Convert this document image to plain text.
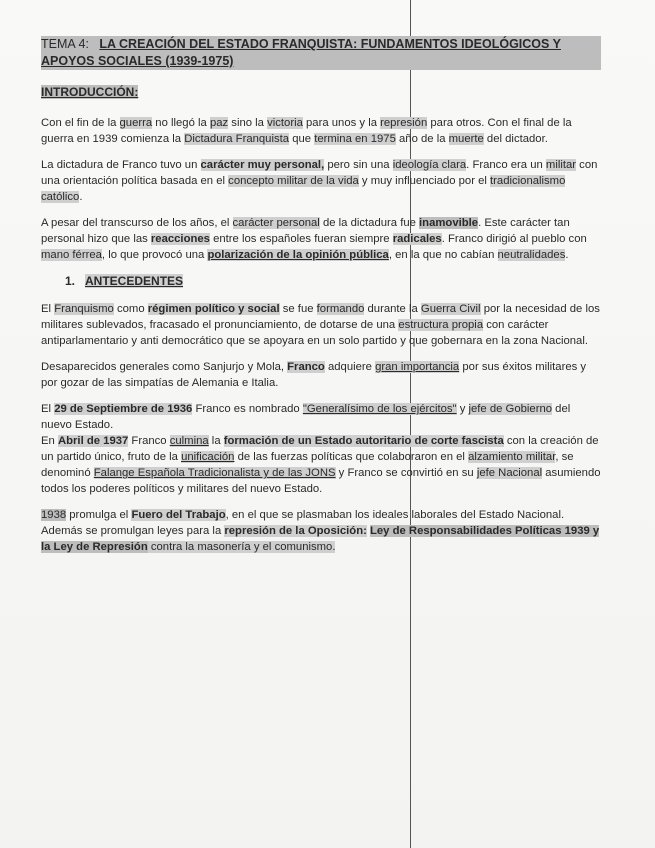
TEMA 4: LA CREACIÓN DEL ESTADO FRANQUISTA: FUNDAMENTOS IDEOLÓGICOS Y APOYOS SOCIALES (1939-1975)
INTRODUCCIÓN:

Con el fin de la guerra no llegó la paz sino la victoria para unos y la represión para otros. Con el final de la guerra en 1939 comienza la Dictadura Franquista que termina en 1975 año de la muerte del dictador.

La dictadura de Franco tuvo un carácter muy personal, pero sin una ideología clara. Franco era un militar con una orientación política basada en el concepto militar de la vida y muy influenciado por el tradicionalismo católico.

A pesar del transcurso de los años, el carácter personal de la dictadura fue inamovible. Este carácter tan personal hizo que las reacciones entre los españoles fueran siempre radicales. Franco dirigió al pueblo con mano férrea, lo que provocó una polarización de la opinión pública, en la que no cabían neutralidades.

1. ANTECEDENTES

El Franquismo como régimen político y social se fue formando durante la Guerra Civil por la necesidad de los militares sublevados, fracasado el pronunciamiento, de dotarse de una estructura propia con carácter antiparlamentario y anti democrático que se apoyara en un solo partido y que gobernara en la zona Nacional.

Desaparecidos generales como Sanjurjo y Mola, Franco adquiere gran importancia por sus éxitos militares y por gozar de las simpatías de Alemania e Italia.

El 29 de Septiembre de 1936 Franco es nombrado "Generalísimo de los ejércitos" y jefe de Gobierno del nuevo Estado.

En Abril de 1937 Franco culmina la formación de un Estado autoritario de corte fascista con la creación de un partido único, fruto de la unificación de las fuerzas políticas que colaboraron en el alzamiento militar, se denominó Falange Española Tradicionalista y de las JONS y Franco se convirtió en su jefe Nacional asumiendo todos los poderes políticos y militares del nuevo Estado.

1938 promulga el Fuero del Trabajo, en el que se plasmaban los ideales laborales del Estado Nacional.

Además se promulgan leyes para la represión de la Oposición: Ley de Responsabilidades Políticas 1939 y la Ley de Represión contra la masonería y el comunismo.
